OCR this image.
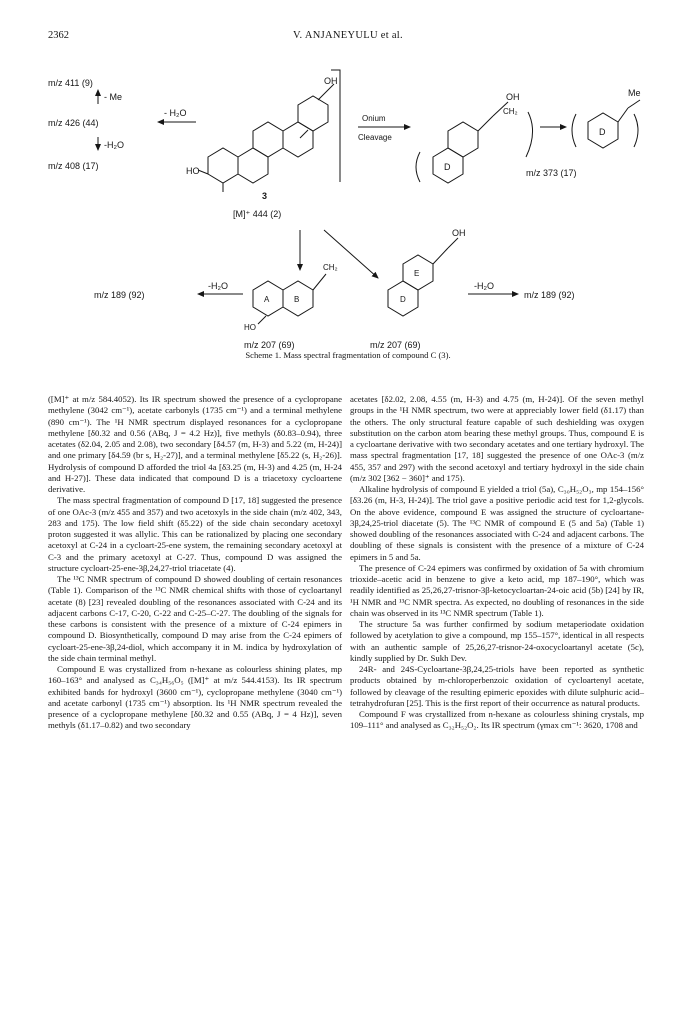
2362	V. ANJANEYULU et al.
m/z 411 (9)
- Me
m/z 426 (44)
-H₂O
m/z 408 (17)
- H₂O
OH
HO
Onium
Cleavage
D
OH
CH₂
D
Me
m/z 373 (17)
3
[M]⁺ 444 (2)
m/z 189 (92)
-H₂O
A	B
HO
CH₂
D
E
OH
-H₂O
m/z 189 (92)
m/z 207 (69)	m/z 207 (69)
Scheme 1. Mass spectral fragmentation of compound C (3).

([M]⁺ at m/z 584.4052). Its IR spectrum showed the presence of a cyclopropane methylene (3042 cm⁻¹), acetate carbonyls (1735 cm⁻¹) and a terminal methylene (890 cm⁻¹). The ¹H NMR spectrum displayed resonances for a cyclopropane methylene [δ0.32 and 0.56 (ABq, J = 4.2 Hz)], five methyls (δ0.83–0.94), three acetates (δ2.04, 2.05 and 2.08), two secondary [δ4.57 (m, H-3) and 5.22 (m, H-24)] and one primary [δ4.59 (br s, H₂-27)], and a terminal methylene [δ5.22 (s, H₂-26)]. Hydrolysis of compound D afforded the triol 4a [δ3.25 (m, H-3) and 4.25 (m, H-24 and H-27)]. These data indicated that compound D is a triacetoxy cycloartene derivative.

The mass spectral fragmentation of compound D [17, 18] suggested the presence of one OAc-3 (m/z 455 and 357) and two acetoxyls in the side chain (m/z 402, 343, 283 and 175). The low field shift (δ5.22) of the side chain secondary acetoxyl proton suggested it was allylic. This can be rationalized by placing one secondary acetoxyl at C-24 in a cycloart-25-ene system, the remaining secondary acetoxyl at C-3 and the primary acetoxyl at C-27. Thus, compound D was assigned the structure cycloart-25-ene-3β,24,27-triol triacetate (4).

The ¹³C NMR spectrum of compound D showed doubling of certain resonances (Table 1). Comparison of the ¹³C NMR chemical shifts with those of cycloartanyl acetate (8) [23] revealed doubling of the resonances associated with C-24 and its adjacent carbons C-17, C-20, C-22 and C-25–C-27. The doubling of the signals for these carbons is consistent with the presence of a mixture of C-24 epimers in compound D. Biosynthetically, compound D may arise from the C-24 epimers of cycloart-25-ene-3β,24-diol, which accompany it in M. indica by hydroxylation of the side chain terminal methyl.

Compound E was crystallized from n-hexane as colourless shining plates, mp 160–163° and analysed as C₃₄H₅₆O₅ ([M]⁺ at m/z 544.4153). Its IR spectrum exhibited bands for hydroxyl (3600 cm⁻¹), cyclopropane methylene (3040 cm⁻¹) and acetate carbonyl (1735 cm⁻¹) absorption. Its ¹H NMR spectrum revealed the presence of a cyclopropane methylene [δ0.32 and 0.55 (ABq, J = 4 Hz)], seven methyls (δ1.17–0.82) and two secondary

acetates [δ2.02, 2.08, 4.55 (m, H-3) and 4.75 (m, H-24)]. Of the seven methyl groups in the ¹H NMR spectrum, two were at appreciably lower field (δ1.17) than the others. The only structural feature capable of such deshielding was oxygen substitution on the carbon atom bearing these methyl groups. Thus, compound E is a cycloartane derivative with two secondary acetates and one tertiary hydroxyl. The mass spectral fragmentation [17, 18] suggested the presence of one OAc-3 (m/z 455, 357 and 297) with the second acetoxyl and tertiary hydroxyl in the side chain (m/z 302 [362 − 360]⁺ and 175).

Alkaline hydrolysis of compound E yielded a triol (5a), C₃₀H₅₂O₃, mp 154–156° [δ3.26 (m, H-3, H-24)]. The triol gave a positive periodic acid test for 1,2-glycols. On the above evidence, compound E was assigned the structure of cycloartane-3β,24,25-triol diacetate (5). The ¹³C NMR of compound E (5 and 5a) (Table 1) showed doubling of the resonances associated with C-24 and adjacent carbons. The doubling of these signals is consistent with the presence of a mixture of C-24 epimers in 5 and 5a.

The presence of C-24 epimers was confirmed by oxidation of 5a with chromium trioxide–acetic acid in benzene to give a keto acid, mp 187–190°, which was readily identified as 25,26,27-trisnor-3β-ketocycloartan-24-oic acid (5b) [24] by IR, ¹H NMR and ¹³C NMR spectra. As expected, no doubling of resonances in the side chain was observed in its ¹³C NMR spectrum (Table 1).

The structure 5a was further confirmed by sodium metaperiodate oxidation followed by acetylation to give a compound, mp 155–157°, identical in all respects with an authentic sample of 25,26,27-trisnor-24-oxocycloartanyl acetate (5c), kindly supplied by Dr. Sukh Dev.

24R- and 24S-Cycloartane-3β,24,25-triols have been reported as synthetic products obtained by m-chloroperbenzoic oxidation of cycloartenyl acetate, followed by cleavage of the resulting epimeric epoxides with dilute sulphuric acid–tetrahydrofuran [25]. This is the first report of their occurrence as natural products.

Compound F was crystallized from n-hexane as colourless shining crystals, mp 109–111° and analysed as C₃₂H₅₂O₂. Its IR spectrum (γmax cm⁻¹: 3620, 1708 and
